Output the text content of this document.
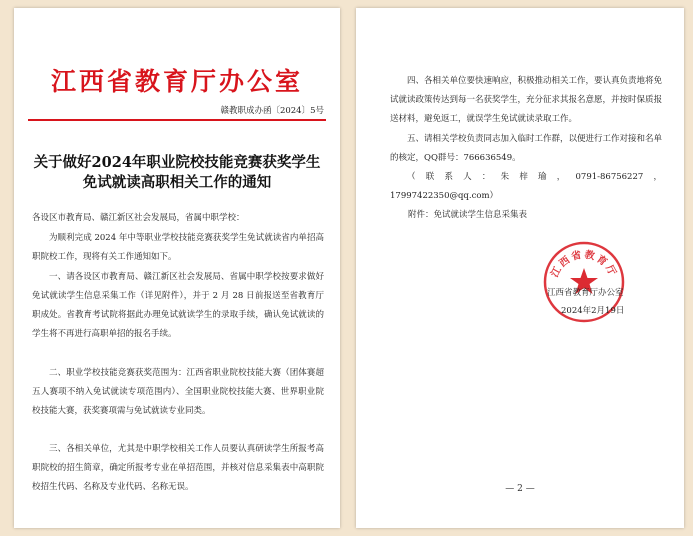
江西省教育厅办公室
赣教职成办函〔2024〕5号
关于做好2024年职业院校技能竞赛获奖学生
免试就读高职相关工作的通知
各设区市教育局、赣江新区社会发展局，省属中职学校：
为顺利完成 2024 年中等职业学校技能竞赛获奖学生免试就读省内单招高职院校工作，现将有关工作通知如下。
一、请各设区市教育局、赣江新区社会发展局、省属中职学校按要求做好免试就读学生信息采集工作（详见附件），并于 2 月 28 日前报送至省教育厅职成处。省教育考试院将据此办理免试就读学生的录取手续，确认免试就读的学生将不再进行高职单招的报名手续。
二、职业学校技能竞赛获奖范围为：江西省职业院校技能大赛（团体赛超五人赛项不纳入免试就读专项范围内）、全国职业院校技能大赛、世界职业院校技能大赛，获奖赛项需与免试就读专业同类。
三、各相关单位，尤其是中职学校相关工作人员要认真研读学生所报考高职院校的招生简章，确定所报考专业在单招范围，并核对信息采集表中高职院校招生代码、名称及专业代码、名称无误。
四、各相关单位要快速响应，积极推动相关工作，要认真负责地将免试就读政策传达到每一名获奖学生，充分征求其报名意愿，并按时保质报送材料，避免返工，就误学生免试就读录取工作。
五、请相关学校负责同志加入临时工作群，以便进行工作对接和名单的核定，QQ群号：766636549。
（联系人：朱梓瑜，0791-86756227，17997422350@qq.com）
附件：免试就读学生信息采集表
江西省教育厅
江西省教育厅办公室
2024年2月19日
— 2 —
